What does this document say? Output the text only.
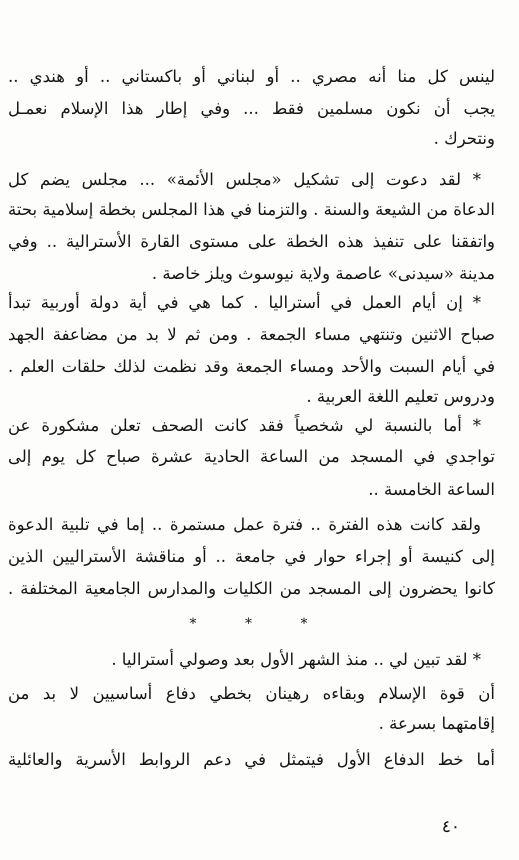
لينس كل منا أنه مصري .. أو لبناني أو باكستاني .. أو هندي ..
يجب أن نكون مسلمين فقط ... وفي إطار هذا الإسلام نعمـل
ونتحرك .
* لقد دعوت إلى تشكيل «مجلس الأئمة» ... مجلس يضم كل
الدعاة من الشيعة والسنة . والتزمنا في هذا المجلس بخطة إسلامية بحتة
واتفقنا على تنفيذ هذه الخطة على مستوى القارة الأسترالية .. وفي
مدينة «سيدنى» عاصمة ولاية نيوسوث ويلز خاصة .
* إن أيام العمل في أستراليا . كما هي في أية دولة أوربية تبدأ
صباح الاثنين وتنتهي مساء الجمعة . ومن ثم لا بد من مضاعفة الجهد
في أيام السبت والأحد ومساء الجمعة وقد نظمت لذلك حلقات العلم .
ودروس تعليم اللغة العربية .
* أما بالنسبة لي شخصياً فقد كانت الصحف تعلن مشكورة عن
تواجدي في المسجد من الساعة الحادية عشرة صباح كل يوم إلى
الساعة الخامسة ..
ولقد كانت هذه الفترة .. فترة عمل مستمرة .. إما في تلبية الدعوة
إلى كنيسة أو إجراء حوار في جامعة .. أو مناقشة الأستراليين الذين
كانوا يحضرون إلى المسجد من الكليات والمدارس الجامعية المختلفة .
* * *
* لقد تبين لي .. منذ الشهر الأول بعد وصولي أستراليا .
أن قوة الإسلام وبقاءه رهينان بخطي دفاع أساسيين لا بد من
إقامتهما بسرعة .
أما خط الدفاع الأول فيتمثل في دعم الروابط الأسرية والعائلية
٤٠
